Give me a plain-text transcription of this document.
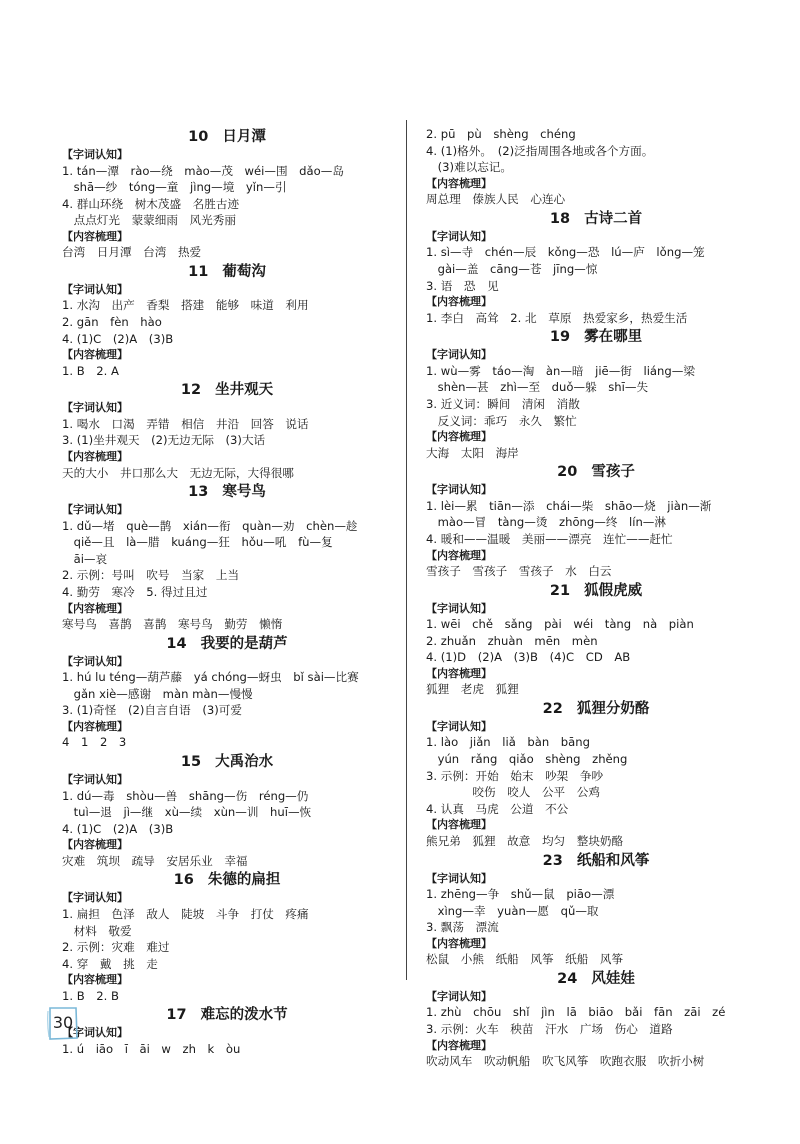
10 日月潭
【字词认知】
1. tán—潭　rào—绕　mào—茂　wéi—围　dǎo—岛
　shā—纱　tóng—童　jìng—境　yǐn—引
4. 群山环绕　树木茂盛　名胜古迹
　点点灯光　蒙蒙细雨　风光秀丽
【内容梳理】
台湾　日月潭　台湾　热爱
11 葡萄沟
【字词认知】
1. 水沟　出产　香梨　搭建　能够　味道　利用
2. gān　fèn　hào
4. (1)C　(2)A　(3)B
【内容梳理】
1. B　2. A
12 坐井观天
【字词认知】
1. 喝水　口渴　弄错　相信　井沿　回答　说话
3. (1)坐井观天　(2)无边无际　(3)大话
【内容梳理】
天的大小　井口那么大　无边无际，大得很哪
13 寒号鸟
【字词认知】
1. dǔ—堵　què—鹊　xián—衔　quàn—劝　chèn—趁
　qiě—且　là—腊　kuáng—狂　hǒu—吼　fù—复
　āi—哀
2. 示例：号叫　吹号　当家　上当
4. 勤劳　寒冷　5. 得过且过
【内容梳理】
寒号鸟　喜鹊　喜鹊　寒号鸟　勤劳　懒惰
14 我要的是葫芦
【字词认知】
1. hú lu téng—葫芦藤　yá chóng—蚜虫　bǐ sài—比赛
　gǎn xiè—感谢　màn màn—慢慢
3. (1)奇怪　(2)自言自语　(3)可爱
【内容梳理】
4　1　2　3
15 大禹治水
【字词认知】
1. dú—毒　shòu—兽　shāng—伤　réng—仍
　tuì—退　jì—继　xù—续　xùn—训　huī—恢
4. (1)C　(2)A　(3)B
【内容梳理】
灾难　筑坝　疏导　安居乐业　幸福
16 朱德的扁担
【字词认知】
1. 扁担　色泽　敌人　陡坡　斗争　打仗　疼痛
　材料　敬爱
2. 示例：灾难　难过
4. 穿　戴　挑　走
【内容梳理】
1. B　2. B
17 难忘的泼水节
【字词认知】
1. ú　iāo　ī　āi　w　zh　k　òu
2. pū　pù　shèng　chéng
4. (1)格外。　(2)泛指周围各地或各个方面。
　(3)难以忘记。
【内容梳理】
周总理　傣族人民　心连心
18 古诗二首
【字词认知】
1. sì—寺　chén—辰　kǒng—恐　lú—庐　lǒng—笼
　gài—盖　cāng—苍　jīng—惊
3. 语　恐　见
【内容梳理】
1. 李白　高耸　2. 北　草原　热爱家乡，热爱生活
19 雾在哪里
【字词认知】
1. wù—雾　táo—淘　àn—暗　jiē—街　liáng—梁
　shèn—甚　zhì—至　duǒ—躲　shī—失
3. 近义词：瞬间　清闲　消散
　反义词：乖巧　永久　繁忙
【内容梳理】
大海　太阳　海岸
20 雪孩子
【字词认知】
1. lèi—累　tiān—添　chái—柴　shāo—烧　jiàn—渐
　mào—冒　tàng—烫　zhōng—终　lín—淋
4. 暖和——温暖　美丽——漂亮　连忙——赶忙
【内容梳理】
雪孩子　雪孩子　雪孩子　水　白云
21 狐假虎威
【字词认知】
1. wēi　chě　sǎng　pài　wéi　tàng　nà　piàn
2. zhuǎn　zhuàn　mēn　mèn
4. (1)D　(2)A　(3)B　(4)C　CD　AB
【内容梳理】
狐狸　老虎　狐狸
22 狐狸分奶酪
【字词认知】
1. lào　jiǎn　liǎ　bàn　bāng
　yún　rǎng　qiǎo　shèng　zhěng
3. 示例：开始　始末　吵架　争吵
　　　　咬伤　咬人　公平　公鸡
4. 认真　马虎　公道　不公
【内容梳理】
熊兄弟　狐狸　故意　均匀　整块奶酪
23 纸船和风筝
【字词认知】
1. zhēng—争　shǔ—鼠　piāo—漂
　xìng—幸　yuàn—愿　qǔ—取
3. 飘荡　漂流
【内容梳理】
松鼠　小熊　纸船　风筝　纸船　风筝
24 风娃娃
【字词认知】
1. zhù　chōu　shǐ　jìn　lā　biāo　bǎi　fān　zāi　zé
3. 示例：火车　秧苗　汗水　广场　伤心　道路
【内容梳理】
吹动风车　吹动帆船　吹飞风筝　吹跑衣服　吹折小树
30
